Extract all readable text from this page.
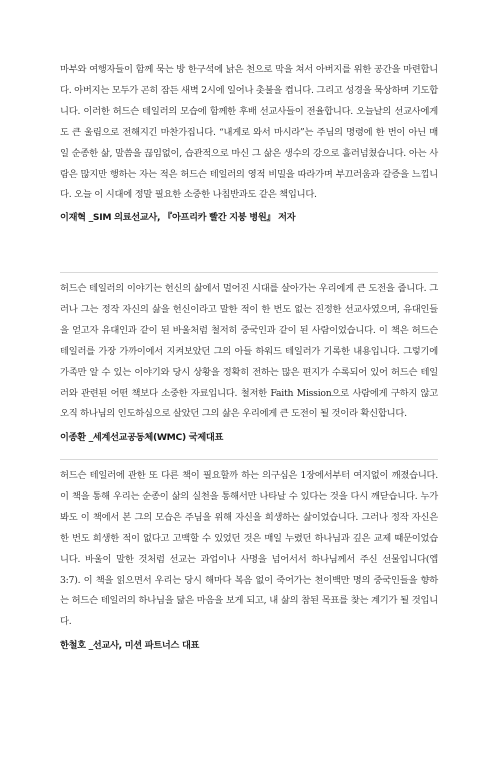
마부와 여행자들이 함께 묵는 방 한구석에 낡은 천으로 막을 쳐서 아버지를 위한 공간을 마련합니다. 아버지는 모두가 곤히 잠든 새벽 2시에 일어나 촛불을 켭니다. 그리고 성경을 묵상하며 기도합니다. 이러한 허드슨 테일러의 모습에 함께한 후배 선교사들이 전율합니다. 오늘날의 선교사에게도 큰 울림으로 전해지긴 마찬가집니다. “내게로 와서 마시라”는 주님의 명령에 한 번이 아닌 매일 순종한 삶, 말씀을 끊임없이, 습관적으로 마신 그 삶은 생수의 강으로 흘러넘쳤습니다. 아는 사람은 많지만 행하는 자는 적은 허드슨 테일러의 영적 비밀을 따라가며 부끄러움과 갈증을 느낍니다. 오늘 이 시대에 정말 필요한 소중한 나침반과도 같은 책입니다.

이재혁 _SIM 의료선교사, 『아프리카 빨간 지붕 병원』 저자

허드슨 테일러의 이야기는 헌신의 삶에서 멀어진 시대를 살아가는 우리에게 큰 도전을 줍니다. 그러나 그는 정작 자신의 삶을 헌신이라고 말한 적이 한 번도 없는 진정한 선교사였으며, 유대인들을 얻고자 유대인과 같이 된 바울처럼 철저히 중국인과 같이 된 사람이었습니다. 이 책은 허드슨 테일러를 가장 가까이에서 지켜보았던 그의 아들 하워드 테일러가 기록한 내용입니다. 그렇기에 가족만 알 수 있는 이야기와 당시 상황을 정확히 전하는 많은 편지가 수록되어 있어 허드슨 테일러와 관련된 어떤 책보다 소중한 자료입니다. 철저한 Faith Mission으로 사람에게 구하지 않고 오직 하나님의 인도하심으로 살았던 그의 삶은 우리에게 큰 도전이 될 것이라 확신합니다.

이종환 _세계선교공동체(WMC) 국제대표

허드슨 테일러에 관한 또 다른 책이 필요할까 하는 의구심은 1장에서부터 여지없이 깨졌습니다. 이 책을 통해 우리는 순종이 삶의 실천을 통해서만 나타날 수 있다는 것을 다시 깨닫습니다. 누가 봐도 이 책에서 본 그의 모습은 주님을 위해 자신을 희생하는 삶이었습니다. 그러나 정작 자신은 한 번도 희생한 적이 없다고 고백할 수 있었던 것은 매일 누렸던 하나님과 깊은 교제 때문이었습니다. 바울이 말한 것처럼 선교는 과업이나 사명을 넘어서서 하나님께서 주신 선물입니다(엡 3:7). 이 책을 읽으면서 우리는 당시 해마다 복음 없이 죽어가는 천이백만 명의 중국인들을 향하는 허드슨 테일러의 하나님을 닮은 마음을 보게 되고, 내 삶의 참된 목표를 찾는 계기가 될 것입니다.

한철호 _선교사, 미션 파트너스 대표
